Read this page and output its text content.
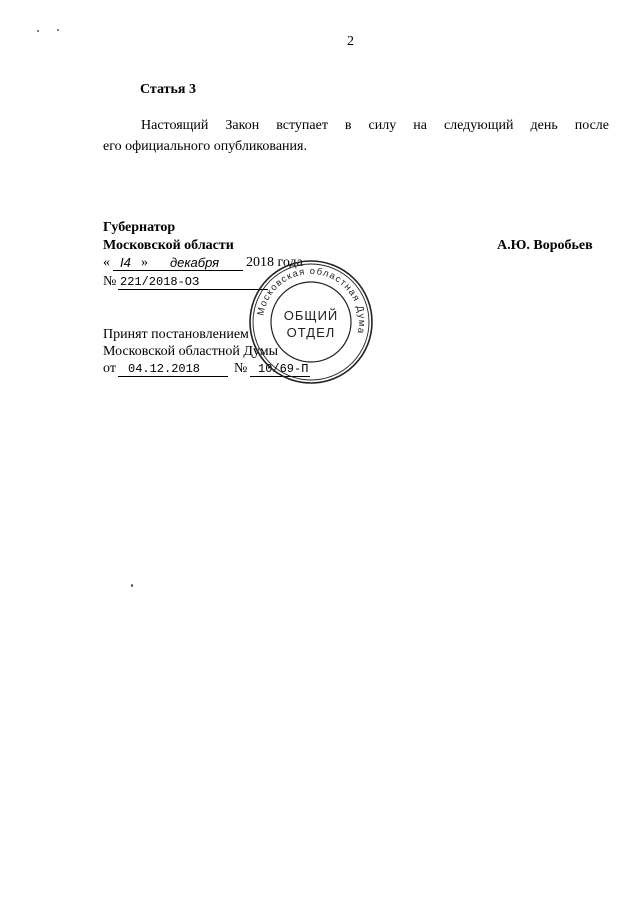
2
Статья 3
Настоящий Закон вступает в силу на следующий день после
его официального опубликования.
Губернатор
Московской области	А.Ю. Воробьев
« I4 » декабря 2018 года
№ 221/2018-ОЗ
Принят постановлением
Московской областной Думы
от 04.12.2018 № 10/69-П
Московская областная Дума
ОБЩИЙ
ОТДЕЛ
